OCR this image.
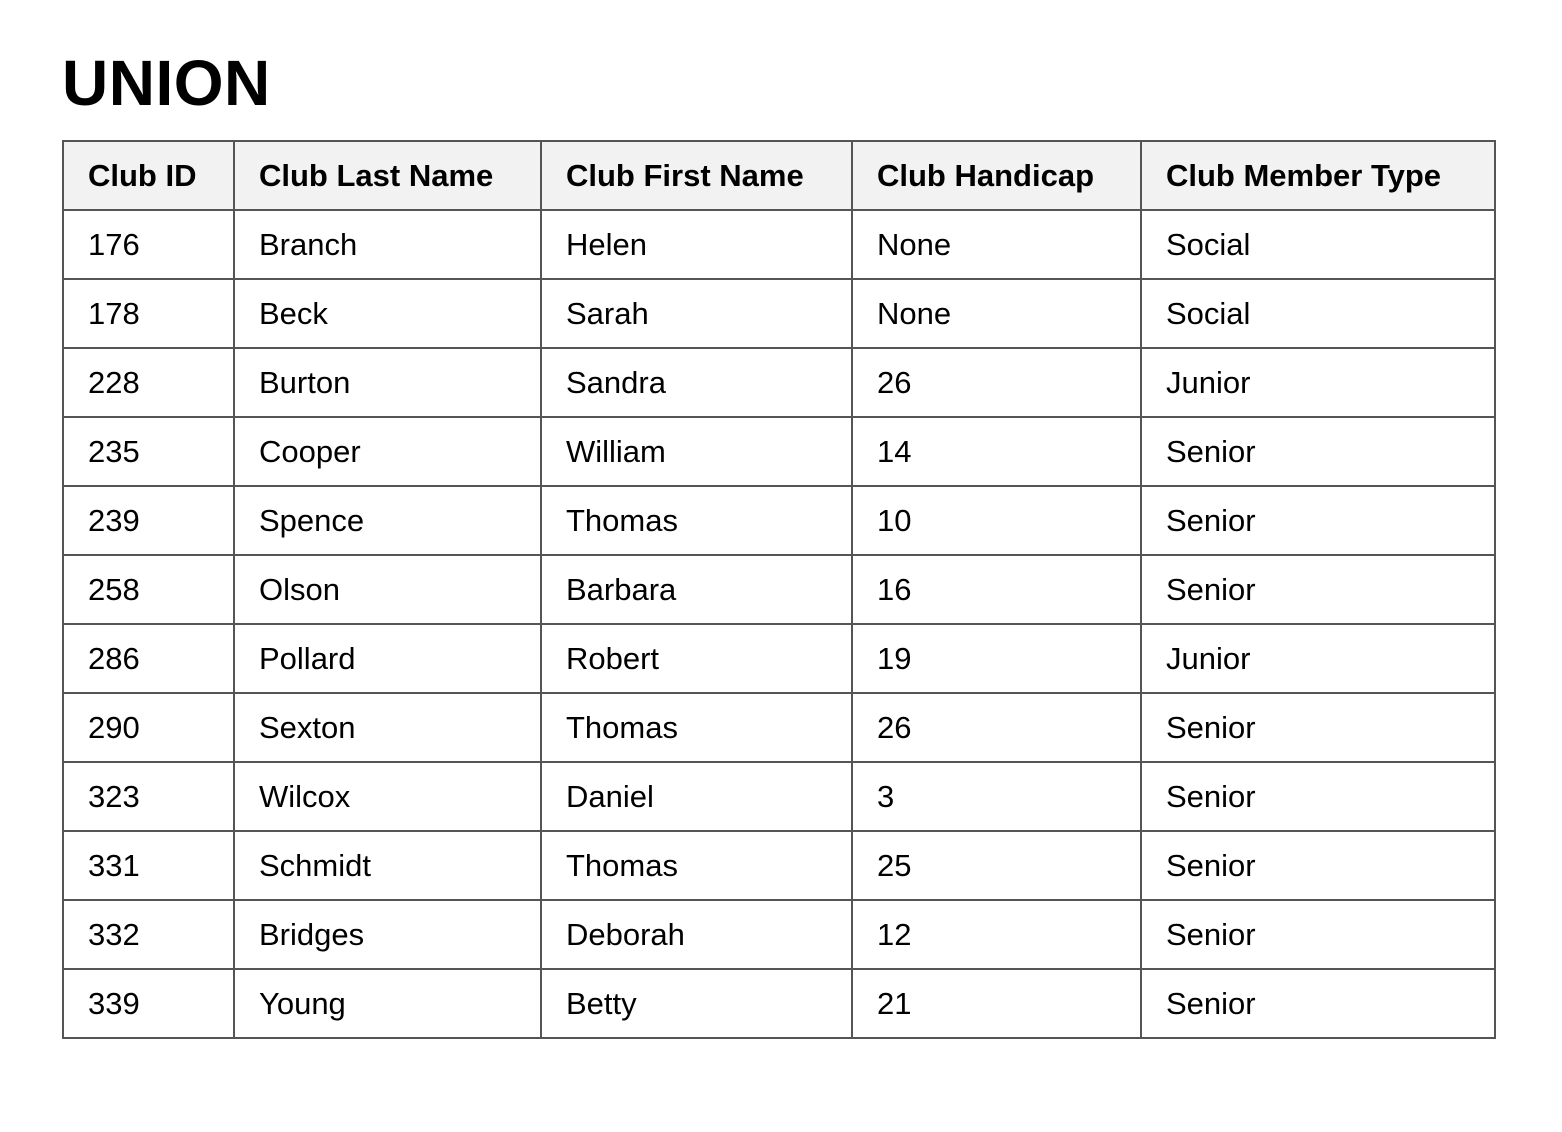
UNION
Club ID	Club Last Name	Club First Name	Club Handicap	Club Member Type
176	Branch	Helen	None	Social
178	Beck	Sarah	None	Social
228	Burton	Sandra	26	Junior
235	Cooper	William	14	Senior
239	Spence	Thomas	10	Senior
258	Olson	Barbara	16	Senior
286	Pollard	Robert	19	Junior
290	Sexton	Thomas	26	Senior
323	Wilcox	Daniel	3	Senior
331	Schmidt	Thomas	25	Senior
332	Bridges	Deborah	12	Senior
339	Young	Betty	21	Senior
